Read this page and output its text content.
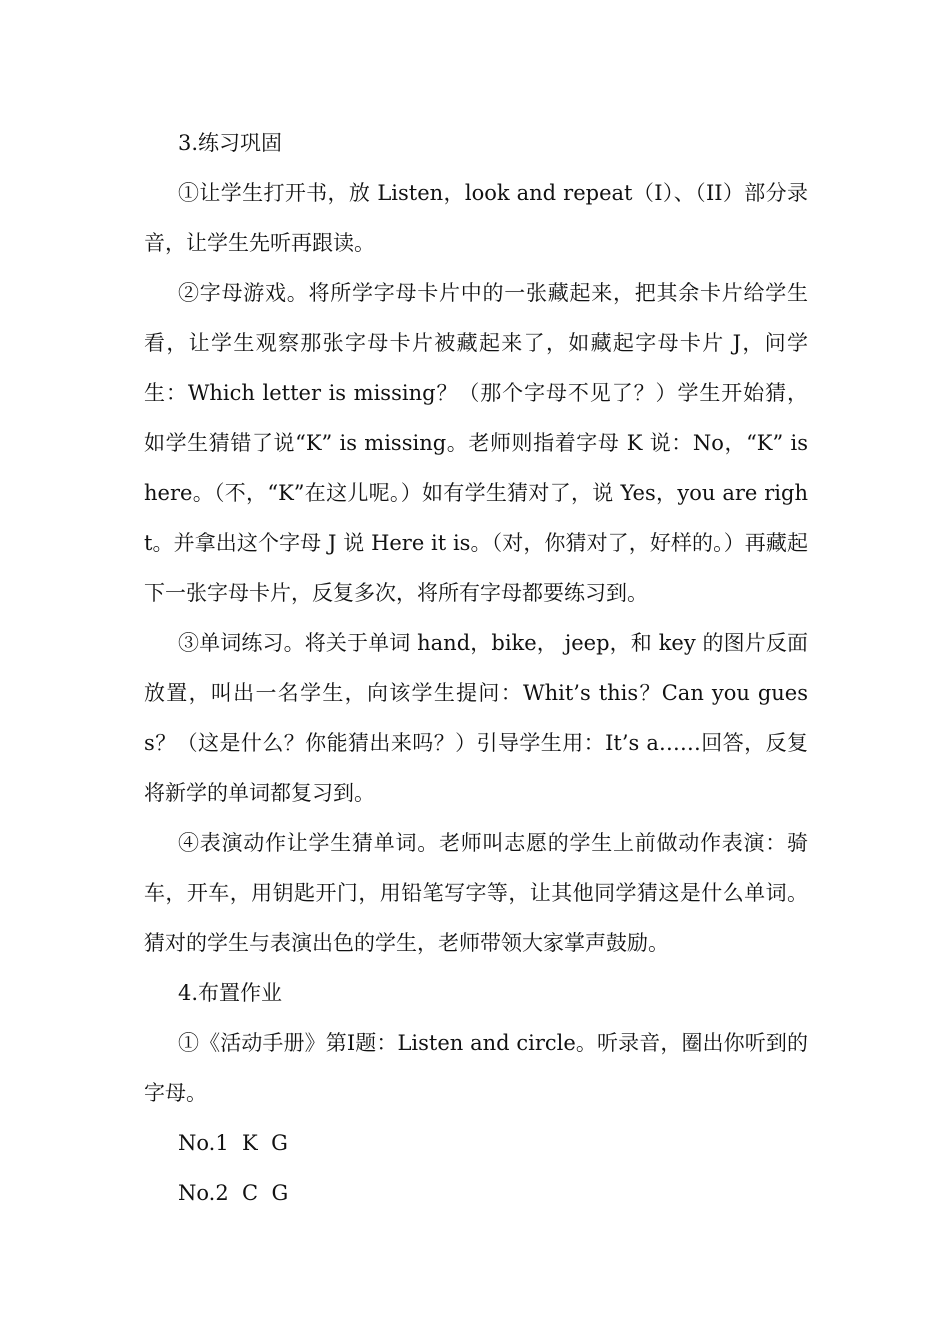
3.练习巩固

①让学生打开书，放 Listen，look and repeat（I）、（II）部分录音，让学生先听再跟读。

②字母游戏。将所学字母卡片中的一张藏起来，把其余卡片给学生看，让学生观察那张字母卡片被藏起来了，如藏起字母卡片 J，问学生：Which letter is missing？（那个字母不见了？）学生开始猜，如学生猜错了说“K” is missing。老师则指着字母 K 说：No，“K” is here。（不，“K”在这儿呢。）如有学生猜对了，说 Yes，you are right。并拿出这个字母 J 说 Here it is。（对，你猜对了，好样的。）再藏起下一张字母卡片，反复多次，将所有字母都要练习到。

③单词练习。将关于单词 hand，bike， jeep，和 key 的图片反面放置，叫出一名学生，向该学生提问：Whit’s this？Can you guess？（这是什么？你能猜出来吗？）引导学生用：It’s a……回答，反复将新学的单词都复习到。

④表演动作让学生猜单词。老师叫志愿的学生上前做动作表演：骑车，开车，用钥匙开门，用铅笔写字等，让其他同学猜这是什么单词。猜对的学生与表演出色的学生，老师带领大家掌声鼓励。

4.布置作业

①《活动手册》第I题：Listen and circle。听录音，圈出你听到的字母。

No.1  K  G

No.2  C  G
